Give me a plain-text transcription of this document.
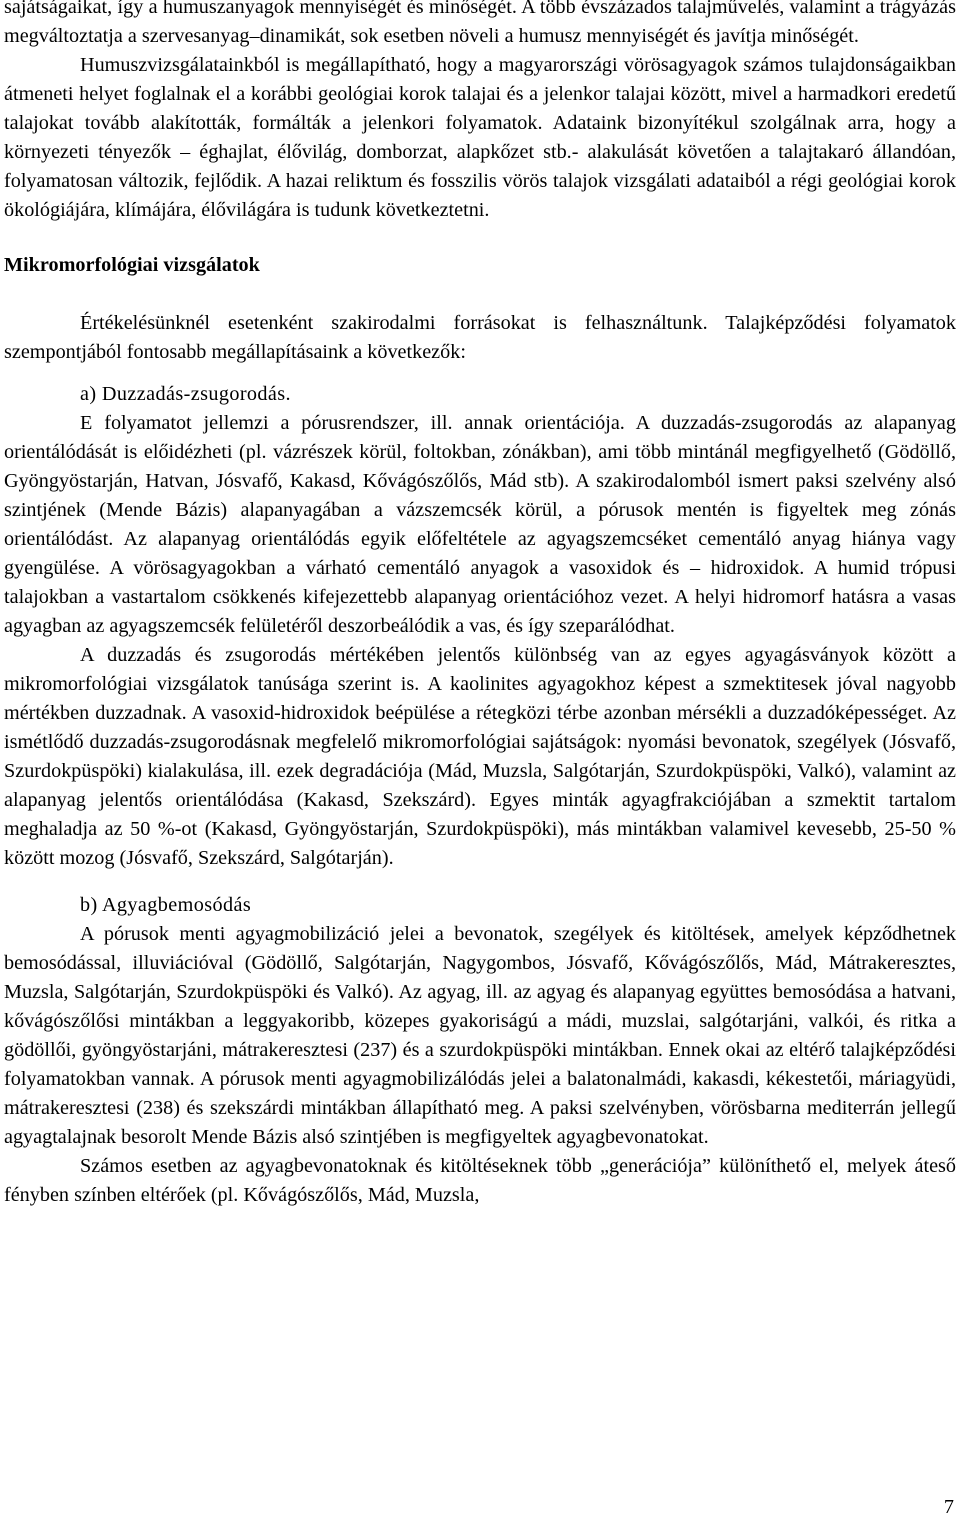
sajátságaikat, így a humuszanyagok mennyiségét és minőségét. A több évszázados talajművelés, valamint a trágyázás megváltoztatja a szervesanyag–dinamikát, sok esetben növeli a humusz mennyiségét és javítja minőségét.

Humuszvizsgálatainkból is megállapítható, hogy a magyarországi vörösagyagok számos tulajdonságaikban átmeneti helyet foglalnak el a korábbi geológiai korok talajai és a jelenkor talajai között, mivel a harmadkori eredetű talajokat tovább alakították, formálták a jelenkori folyamatok. Adataink bizonyítékul szolgálnak arra, hogy a környezeti tényezők – éghajlat, élővilág, domborzat, alapkőzet stb.- alakulását követően a talajtakaró állandóan, folyamatosan változik, fejlődik. A hazai reliktum és fosszilis vörös talajok vizsgálati adataiból a régi geológiai korok ökológiájára, klímájára, élővilágára is tudunk következtetni.

Mikromorfológiai vizsgálatok

Értékelésünknél esetenként szakirodalmi forrásokat is felhasználtunk. Talajképződési folyamatok szempontjából fontosabb megállapításaink a következők:

a) Duzzadás-zsugorodás.

E folyamatot jellemzi a pórusrendszer, ill. annak orientációja. A duzzadás-zsugorodás az alapanyag orientálódását is előidézheti (pl. vázrészek körül, foltokban, zónákban), ami több mintánál megfigyelhető (Gödöllő, Gyöngyöstarján, Hatvan, Jósvafő, Kakasd, Kővágószőlős, Mád stb). A szakirodalomból ismert paksi szelvény alsó szintjének (Mende Bázis) alapanyagában a vázszemcsék körül, a pórusok mentén is figyeltek meg zónás orientálódást. Az alapanyag orientálódás egyik előfeltétele az agyagszemcséket cementáló anyag hiánya vagy gyengülése. A vörösagyagokban a várható cementáló anyagok a vasoxidok és – hidroxidok. A humid trópusi talajokban a vastartalom csökkenés kifejezettebb alapanyag orientációhoz vezet. A helyi hidromorf hatásra a vasas agyagban az agyagszemcsék felületéről deszorbeálódik a vas, és így szeparálódhat.

A duzzadás és zsugorodás mértékében jelentős különbség van az egyes agyagásványok között a mikromorfológiai vizsgálatok tanúsága szerint is. A kaolinites agyagokhoz képest a szmektitesek jóval nagyobb mértékben duzzadnak. A vasoxid-hidroxidok beépülése a rétegközi térbe azonban mérsékli a duzzadóképességet. Az ismétlődő duzzadás-zsugorodásnak megfelelő mikromorfológiai sajátságok: nyomási bevonatok, szegélyek (Jósvafő, Szurdokpüspöki) kialakulása, ill. ezek degradációja (Mád, Muzsla, Salgótarján, Szurdokpüspöki, Valkó), valamint az alapanyag jelentős orientálódása (Kakasd, Szekszárd). Egyes minták agyagfrakciójában a szmektit tartalom meghaladja az 50 %-ot (Kakasd, Gyöngyöstarján, Szurdokpüspöki), más mintákban valamivel kevesebb, 25-50 % között mozog (Jósvafő, Szekszárd, Salgótarján).

b) Agyagbemosódás

A pórusok menti agyagmobilizáció jelei a bevonatok, szegélyek és kitöltések, amelyek képződhetnek bemosódással, illuviációval (Gödöllő, Salgótarján, Nagygombos, Jósvafő, Kővágószőlős, Mád, Mátrakeresztes, Muzsla, Salgótarján, Szurdokpüspöki és Valkó). Az agyag, ill. az agyag és alapanyag együttes bemosódása a hatvani, kővágószőlősi mintákban a leggyakoribb, közepes gyakoriságú a mádi, muzslai, salgótarjáni, valkói, és ritka a gödöllői, gyöngyöstarjáni, mátrakeresztesi (237) és a szurdokpüspöki mintákban. Ennek okai az eltérő talajképződési folyamatokban vannak. A pórusok menti agyagmobilizálódás jelei a balatonalmádi, kakasdi, kékestetői, máriagyüdi, mátrakeresztesi (238) és szekszárdi mintákban állapítható meg. A paksi szelvényben, vörösbarna mediterrán jellegű agyagtalajnak besorolt Mende Bázis alsó szintjében is megfigyeltek agyagbevonatokat.

Számos esetben az agyagbevonatoknak és kitöltéseknek több „generációja” különíthető el, melyek áteső fényben színben eltérőek (pl. Kővágószőlős, Mád, Muzsla,

7
